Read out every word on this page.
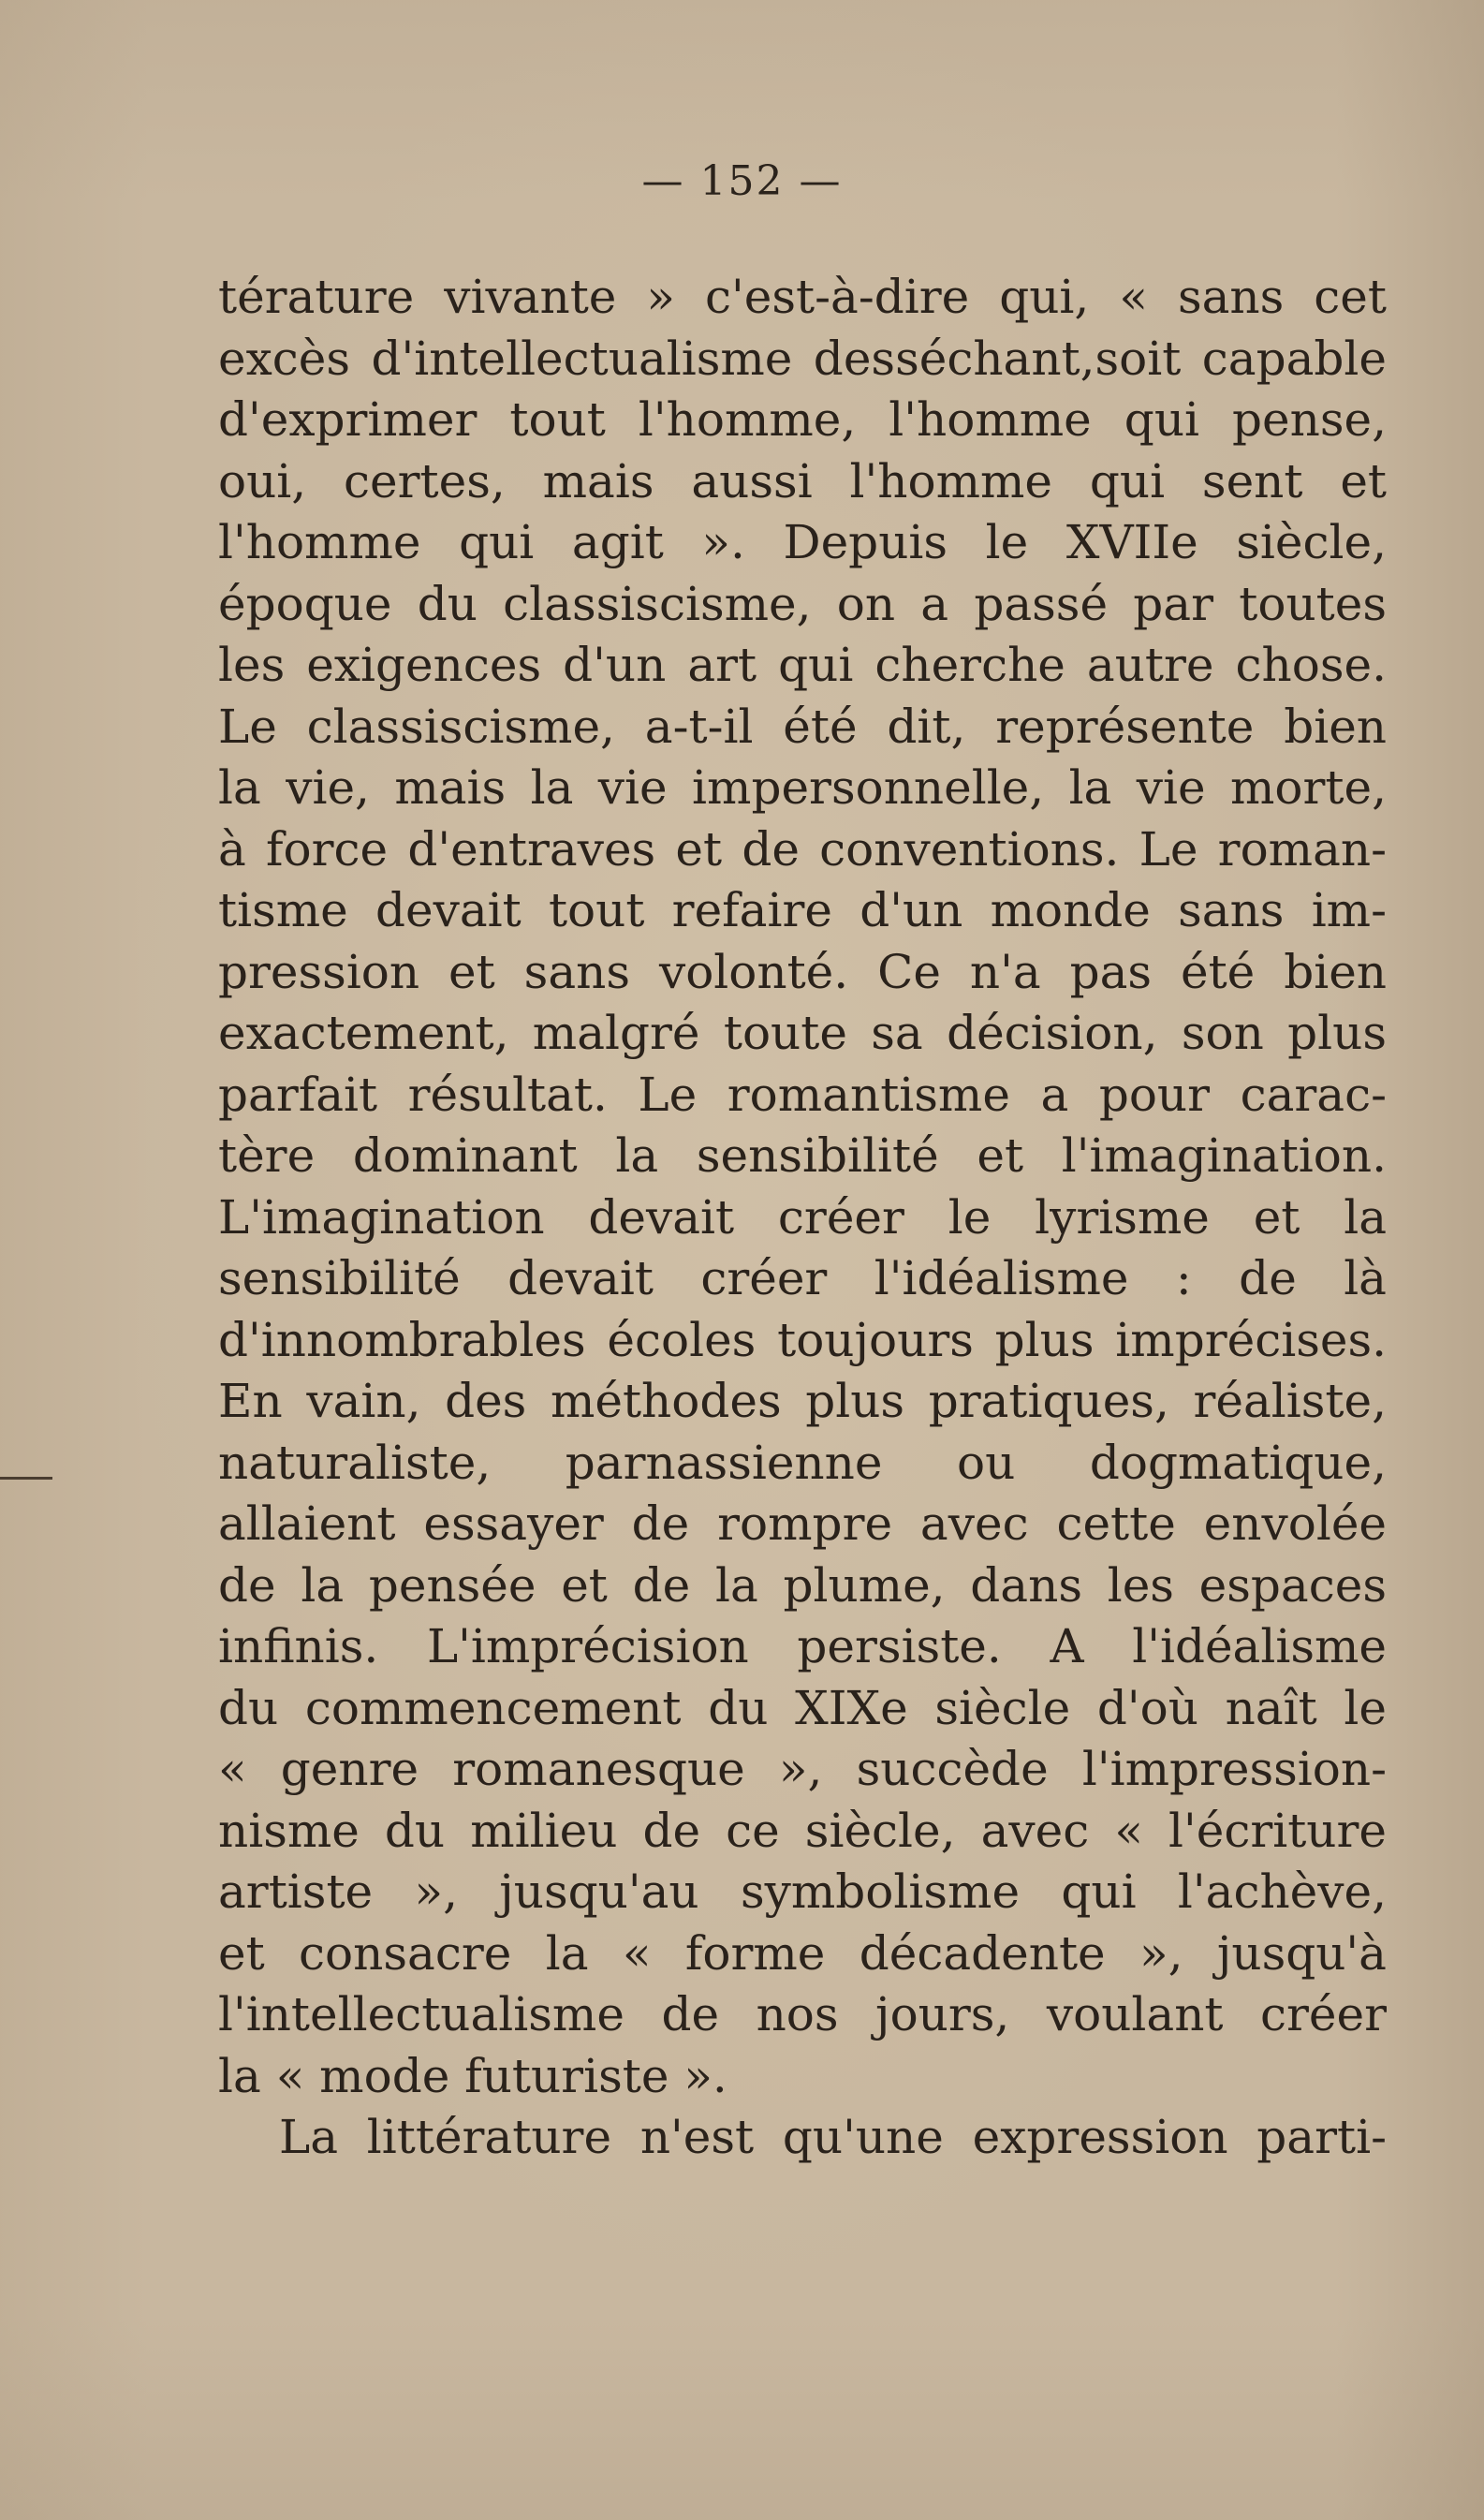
— 152 —
térature vivante » c'est-à-dire qui, « sans cet
excès d'intellectualisme desséchant,soit capable
d'exprimer tout l'homme, l'homme qui pense,
oui, certes, mais aussi l'homme qui sent et
l'homme qui agit ». Depuis le XVIIe siècle,
époque du classiscisme, on a passé par toutes
les exigences d'un art qui cherche autre chose.
Le classiscisme, a-t-il été dit, représente bien
la vie, mais la vie impersonnelle, la vie morte,
à force d'entraves et de conventions. Le roman-
tisme devait tout refaire d'un monde sans im-
pression et sans volonté. Ce n'a pas été bien
exactement, malgré toute sa décision, son plus
parfait résultat. Le romantisme a pour carac-
tère dominant la sensibilité et l'imagination.
L'imagination devait créer le lyrisme et la
sensibilité devait créer l'idéalisme : de là
d'innombrables écoles toujours plus imprécises.
En vain, des méthodes plus pratiques, réaliste,
naturaliste, parnassienne ou dogmatique,
allaient essayer de rompre avec cette envolée
de la pensée et de la plume, dans les espaces
infinis. L'imprécision persiste. A l'idéalisme
du commencement du XIXe siècle d'où naît le
« genre romanesque », succède l'impression-
nisme du milieu de ce siècle, avec « l'écriture
artiste », jusqu'au symbolisme qui l'achève,
et consacre la « forme décadente », jusqu'à
l'intellectualisme de nos jours, voulant créer
la « mode futuriste ».
La littérature n'est qu'une expression parti-
